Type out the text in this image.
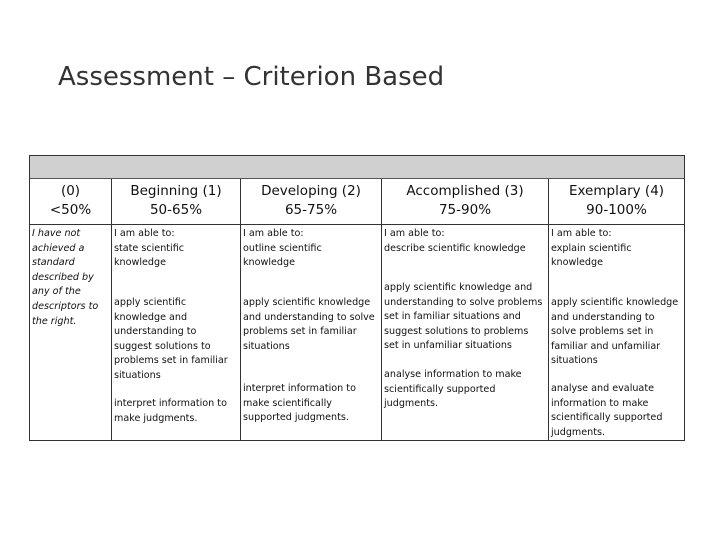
Assessment – Criterion Based
(0)
<50%
I have not
achieved a
standard
described by
any of the
descriptors to
the right.
Beginning (1)
50-65%
I am able to:
state scientific
knowledge
apply scientific
knowledge and
understanding to
suggest solutions to
problems set in familiar
situations
interpret information to
make judgments.
Developing (2)
65-75%
I am able to:
outline scientific
knowledge
apply scientific knowledge
and understanding to solve
problems set in familiar
situations
interpret information to
make scientifically
supported judgments.
Accomplished (3)
75-90%
I am able to:
describe scientific knowledge
apply scientific knowledge and
understanding to solve problems
set in familiar situations and
suggest solutions to problems
set in unfamiliar situations
analyse information to make
scientifically supported
judgments.
Exemplary (4)
90-100%
I am able to:
explain scientific
knowledge
apply scientific knowledge
and understanding to
solve problems set in
familiar and unfamiliar
situations
analyse and evaluate
information to make
scientifically supported
judgments.
